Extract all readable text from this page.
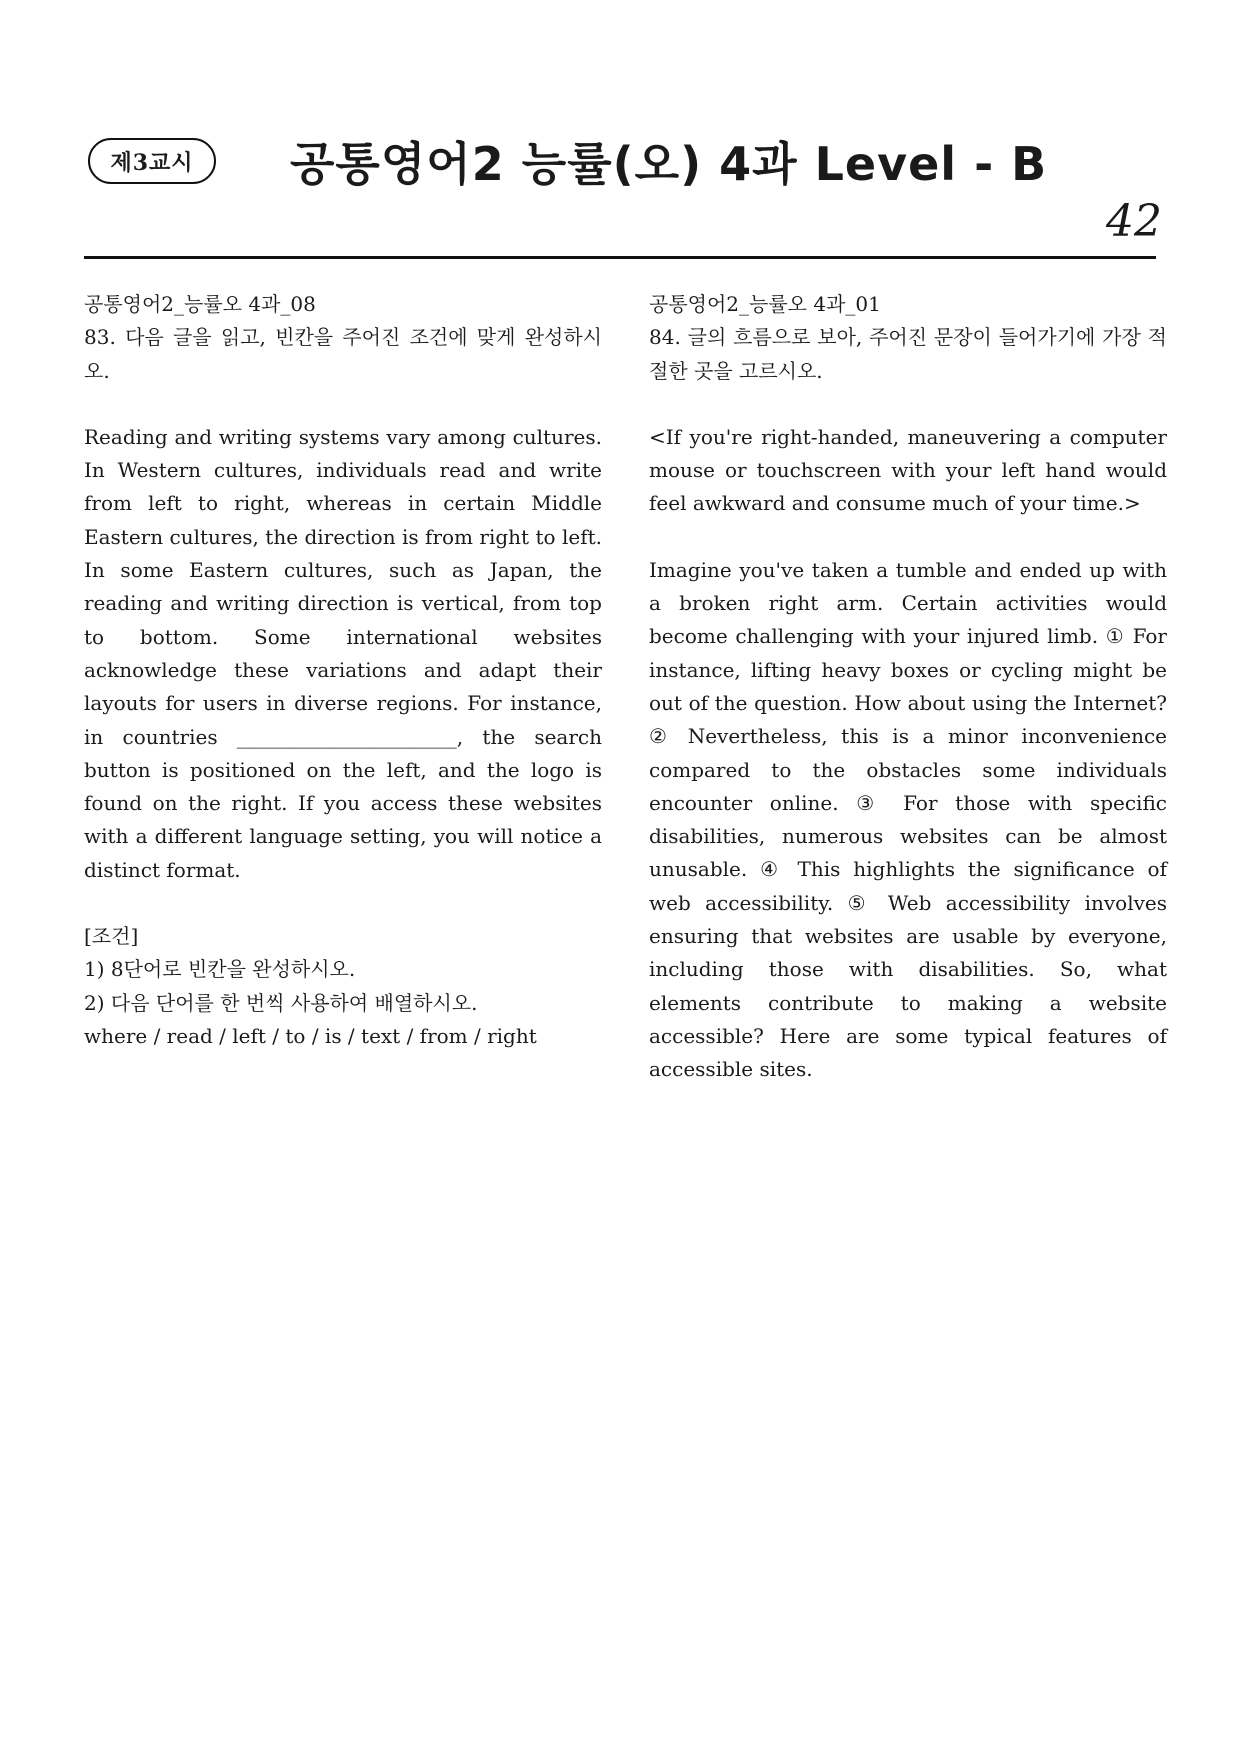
제3교시	공통영어2 능률(오) 4과 Level - B
42

공통영어2_능률오 4과_08

83. 다음 글을 읽고, 빈칸을 주어진 조건에 맞게 완성하시오.

Reading and writing systems vary among cultures. In Western cultures, individuals read and write from left to right, whereas in certain Middle Eastern cultures, the direction is from right to left. In some Eastern cultures, such as Japan, the reading and writing direction is vertical, from top to bottom. Some international websites acknowledge these variations and adapt their layouts for users in diverse regions. For instance, in countries ______________________, the search button is positioned on the left, and the logo is found on the right. If you access these websites with a different language setting, you will notice a distinct format.

[조건]

1) 8단어로 빈칸을 완성하시오.

2) 다음 단어를 한 번씩 사용하여 배열하시오.

where / read / left / to / is / text / from / right

공통영어2_능률오 4과_01

84. 글의 흐름으로 보아, 주어진 문장이 들어가기에 가장 적절한 곳을 고르시오.

<If you're right-handed, maneuvering a computer mouse or touchscreen with your left hand would feel awkward and consume much of your time.>

Imagine you've taken a tumble and ended up with a broken right arm. Certain activities would become challenging with your injured limb. ① For instance, lifting heavy boxes or cycling might be out of the question. How about using the Internet? ② Nevertheless, this is a minor inconvenience compared to the obstacles some individuals encounter online. ③ For those with specific disabilities, numerous websites can be almost unusable. ④ This highlights the significance of web accessibility. ⑤ Web accessibility involves ensuring that websites are usable by everyone, including those with disabilities. So, what elements contribute to making a website accessible? Here are some typical features of accessible sites.
